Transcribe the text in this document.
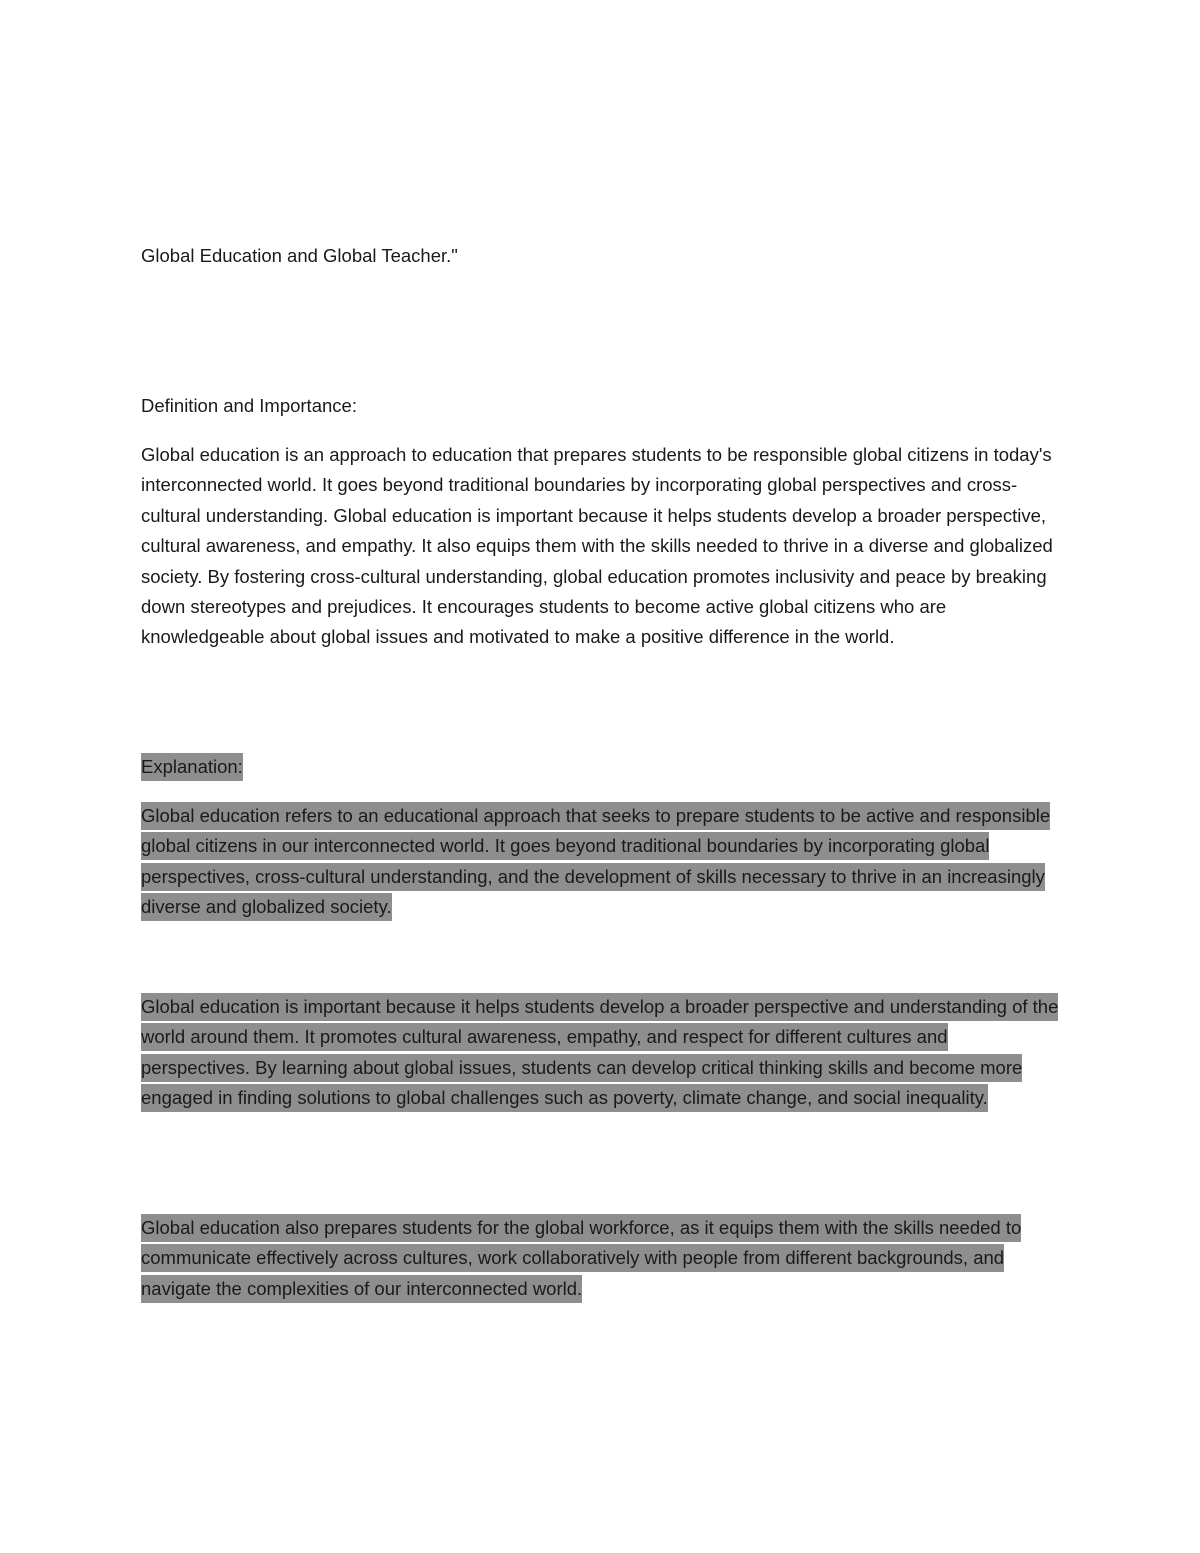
Global Education and Global Teacher."

Definition and Importance:

Global education is an approach to education that prepares students to be responsible global citizens in today's interconnected world. It goes beyond traditional boundaries by incorporating global perspectives and cross-cultural understanding. Global education is important because it helps students develop a broader perspective, cultural awareness, and empathy. It also equips them with the skills needed to thrive in a diverse and globalized society. By fostering cross-cultural understanding, global education promotes inclusivity and peace by breaking down stereotypes and prejudices. It encourages students to become active global citizens who are knowledgeable about global issues and motivated to make a positive difference in the world.

Explanation:

Global education refers to an educational approach that seeks to prepare students to be active and responsible global citizens in our interconnected world. It goes beyond traditional boundaries by incorporating global perspectives, cross-cultural understanding, and the development of skills necessary to thrive in an increasingly diverse and globalized society.

Global education is important because it helps students develop a broader perspective and understanding of the world around them. It promotes cultural awareness, empathy, and respect for different cultures and perspectives. By learning about global issues, students can develop critical thinking skills and become more engaged in finding solutions to global challenges such as poverty, climate change, and social inequality.

Global education also prepares students for the global workforce, as it equips them with the skills needed to communicate effectively across cultures, work collaboratively with people from different backgrounds, and navigate the complexities of our interconnected world.
